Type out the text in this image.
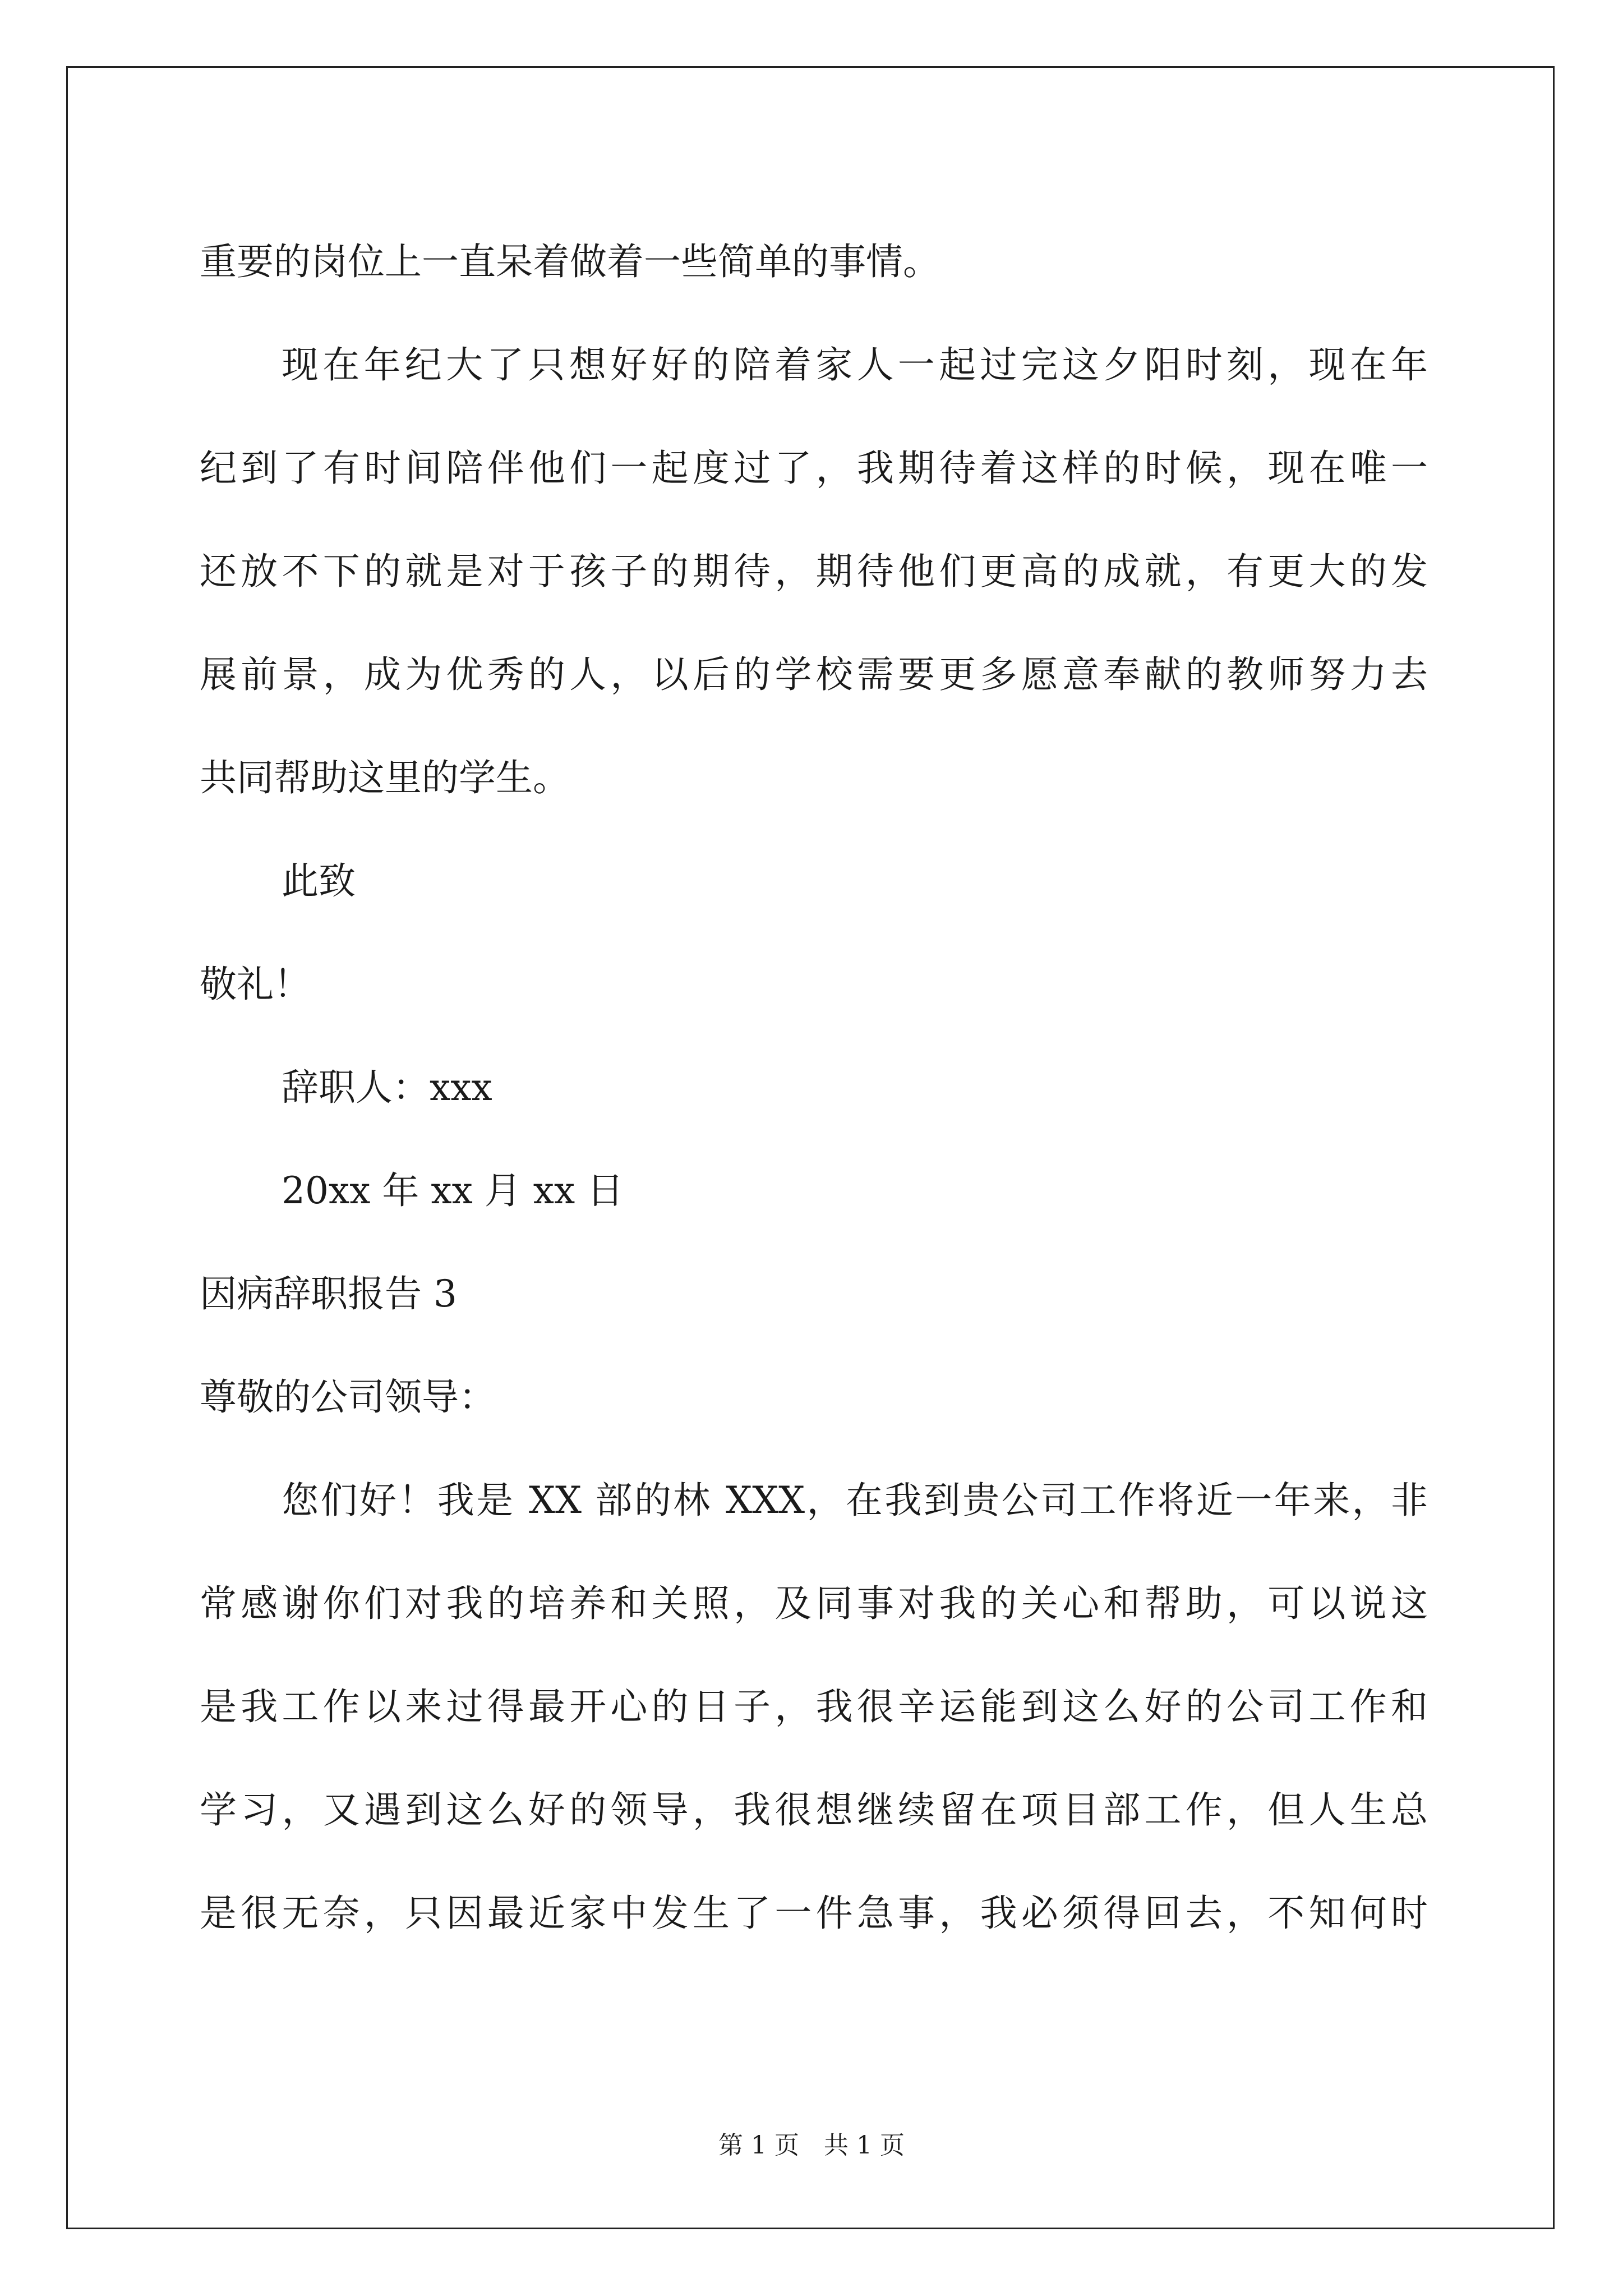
重要的岗位上一直呆着做着一些简单的事情。
现在年纪大了只想好好的陪着家人一起过完这夕阳时刻，现在年
纪到了有时间陪伴他们一起度过了，我期待着这样的时候，现在唯一
还放不下的就是对于孩子的期待，期待他们更高的成就，有更大的发
展前景，成为优秀的人，以后的学校需要更多愿意奉献的教师努力去
共同帮助这里的学生。
此致
敬礼！
辞职人：xxx
20xx 年 xx 月 xx 日
因病辞职报告 3
尊敬的公司领导：
您们好！我是 XX 部的林 XXX，在我到贵公司工作将近一年来，非
常感谢你们对我的培养和关照，及同事对我的关心和帮助，可以说这
是我工作以来过得最开心的日子，我很辛运能到这么好的公司工作和
学习，又遇到这么好的领导，我很想继续留在项目部工作，但人生总
是很无奈，只因最近家中发生了一件急事，我必须得回去，不知何时
第 1 页　共 1 页
